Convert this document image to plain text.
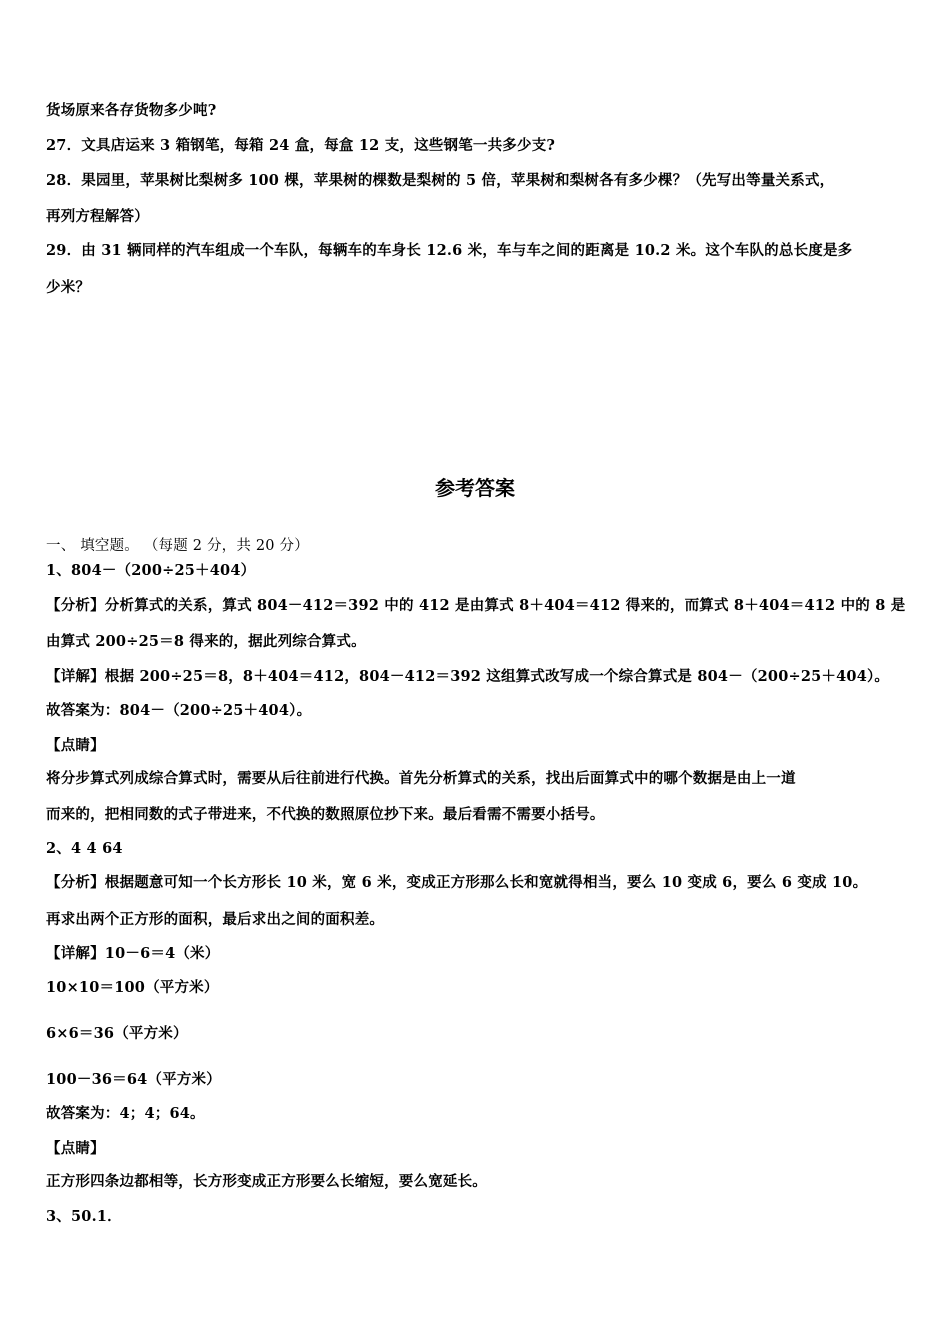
货场原来各存货物多少吨?
27．文具店运来 3 箱钢笔，每箱 24 盒，每盒 12 支，这些钢笔一共多少支?
28．果园里，苹果树比梨树多 100 棵，苹果树的棵数是梨树的 5 倍，苹果树和梨树各有多少棵？（先写出等量关系式，
再列方程解答）
29．由 31 辆同样的汽车组成一个车队，每辆车的车身长 12.6 米，车与车之间的距离是 10.2 米。这个车队的总长度是多
少米？
参考答案
一、 填空题。 （每题 2 分，共 20 分）
1、804－（200÷25＋404）
【分析】分析算式的关系，算式 804－412＝392 中的 412 是由算式 8＋404＝412 得来的，而算式 8＋404＝412 中的 8 是
由算式 200÷25＝8 得来的，据此列综合算式。
【详解】根据 200÷25＝8，8＋404＝412，804－412＝392 这组算式改写成一个综合算式是 804－（200÷25＋404）。
故答案为：804－（200÷25＋404）。
【点睛】
将分步算式列成综合算式时，需要从后往前进行代换。首先分析算式的关系，找出后面算式中的哪个数据是由上一道
而来的，把相同数的式子带进来，不代换的数照原位抄下来。最后看需不需要小括号。
2、4 4 64
【分析】根据题意可知一个长方形长 10 米，宽 6 米，变成正方形那么长和宽就得相当，要么 10 变成 6，要么 6 变成 10。
再求出两个正方形的面积，最后求出之间的面积差。
【详解】10－6＝4（米）
10×10＝100（平方米）
6×6＝36（平方米）
100－36＝64（平方米）
故答案为：4；4；64。
【点睛】
正方形四条边都相等，长方形变成正方形要么长缩短，要么宽延长。
3、50.1．
